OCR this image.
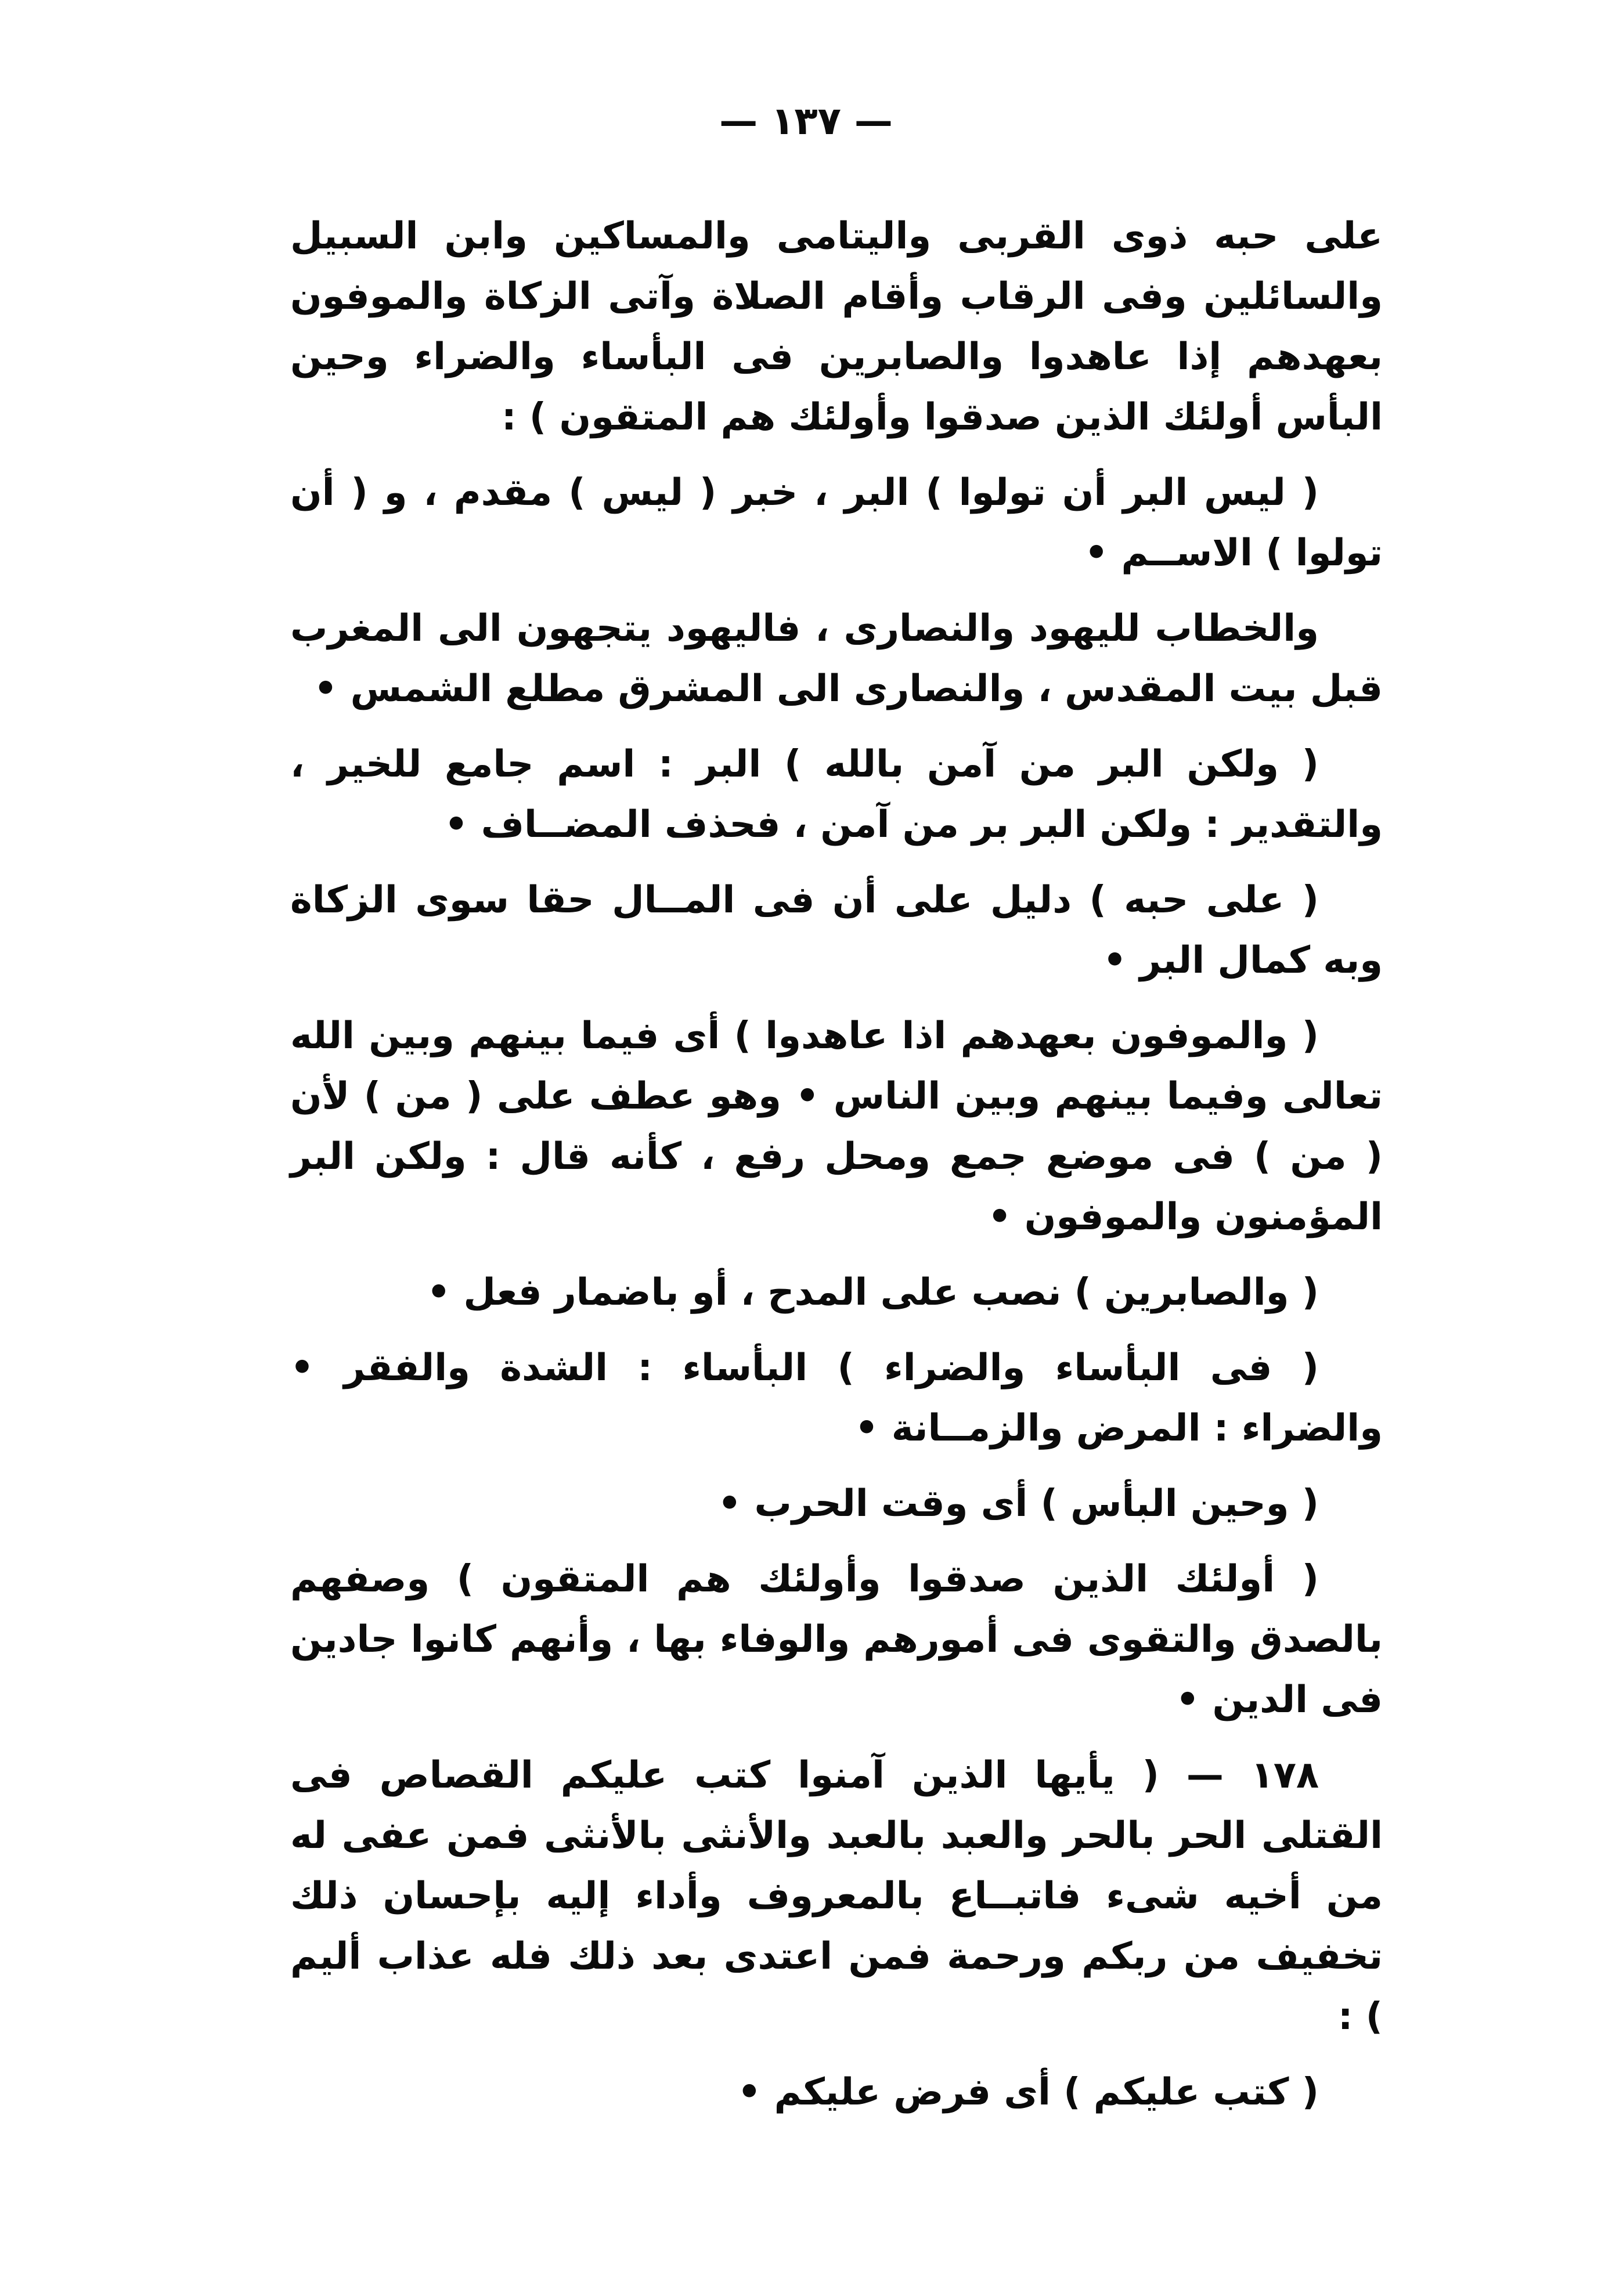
— ١٣٧ —

على حبه ذوى القربى واليتامى والمساكين وابن السبيل والسائلين وفى الرقاب وأقام الصلاة وآتى الزكاة والموفون بعهدهم إذا عاهدوا والصابرين فى البأساء والضراء وحين البأس أولئك الذين صدقوا وأولئك هم المتقون ) :

( ليس البر أن تولوا ) البر ، خبر ( ليس ) مقدم ، و ( أن تولوا ) الاســم •

والخطاب لليهود والنصارى ، فاليهود يتجهون الى المغرب قبل بيت المقدس ، والنصارى الى المشرق مطلع الشمس •

( ولكن البر من آمن بالله ) البر : اسم جامع للخير ، والتقدير : ولكن البر بر من آمن ، فحذف المضــاف •

( على حبه ) دليل على أن فى المــال حقا سوى الزكاة وبه كمال البر •

( والموفون بعهدهم اذا عاهدوا ) أى فيما بينهم وبين الله تعالى وفيما بينهم وبين الناس • وهو عطف على ( من ) لأن ( من ) فى موضع جمع ومحل رفع ، كأنه قال : ولكن البر المؤمنون والموفون •

( والصابرين ) نصب على المدح ، أو باضمار فعل •

( فى البأساء والضراء ) البأساء : الشدة والفقر • والضراء : المرض والزمــانة •

( وحين البأس ) أى وقت الحرب •

( أولئك الذين صدقوا وأولئك هم المتقون ) وصفهم بالصدق والتقوى فى أمورهم والوفاء بها ، وأنهم كانوا جادين فى الدين •

١٧٨ — ( يأيها الذين آمنوا كتب عليكم القصاص فى القتلى الحر بالحر والعبد بالعبد والأنثى بالأنثى فمن عفى له من أخيه شىء فاتبــاع بالمعروف وأداء إليه بإحسان ذلك تخفيف من ربكم ورحمة فمن اعتدى بعد ذلك فله عذاب أليم ) :

( كتب عليكم ) أى فرض عليكم •
